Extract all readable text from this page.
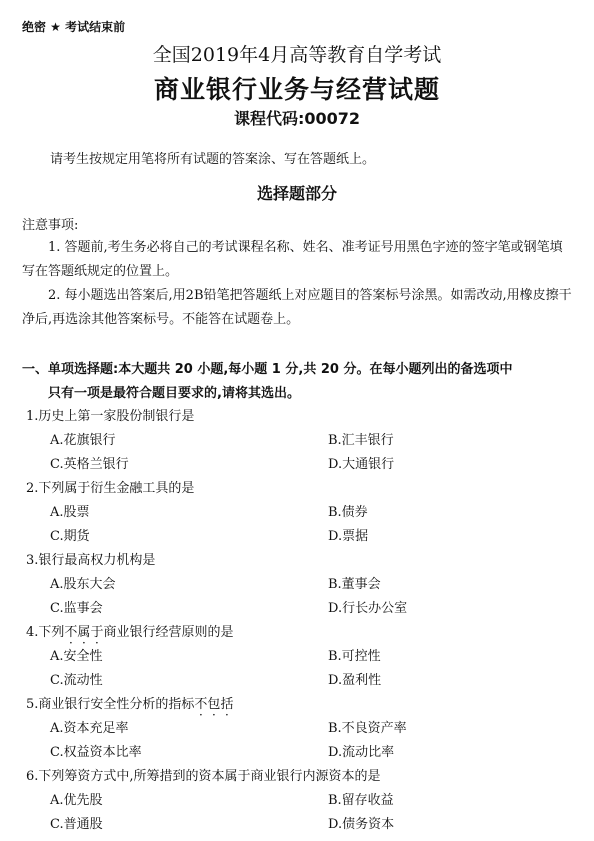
绝密 ★ 考试结束前
全国2019年4月高等教育自学考试
商业银行业务与经营试题
课程代码:00072
请考生按规定用笔将所有试题的答案涂、写在答题纸上。
选择题部分
注意事项:

1. 答题前,考生务必将自己的考试课程名称、姓名、准考证号用黑色字迹的签字笔或钢笔填写在答题纸规定的位置上。

2. 每小题选出答案后,用2B铅笔把答题纸上对应题目的答案标号涂黑。如需改动,用橡皮擦干净后,再选涂其他答案标号。不能答在试题卷上。

一、单项选择题:本大题共 20 小题,每小题 1 分,共 20 分。在每小题列出的备选项中
只有一项是最符合题目要求的,请将其选出。
1.历史上第一家股份制银行是
A.花旗银行	B.汇丰银行
C.英格兰银行	D.大通银行
2.下列属于衍生金融工具的是
A.股票	B.债券
C.期货	D.票据
3.银行最高权力机构是
A.股东大会	B.董事会
C.监事会	D.行长办公室
4.下列不属于商业银行经营原则的是
A.安全性	B.可控性
C.流动性	D.盈利性
5.商业银行安全性分析的指标不包括
A.资本充足率	B.不良资产率
C.权益资本比率	D.流动比率
6.下列筹资方式中,所筹措到的资本属于商业银行内源资本的是
A.优先股	B.留存收益
C.普通股	D.债务资本
